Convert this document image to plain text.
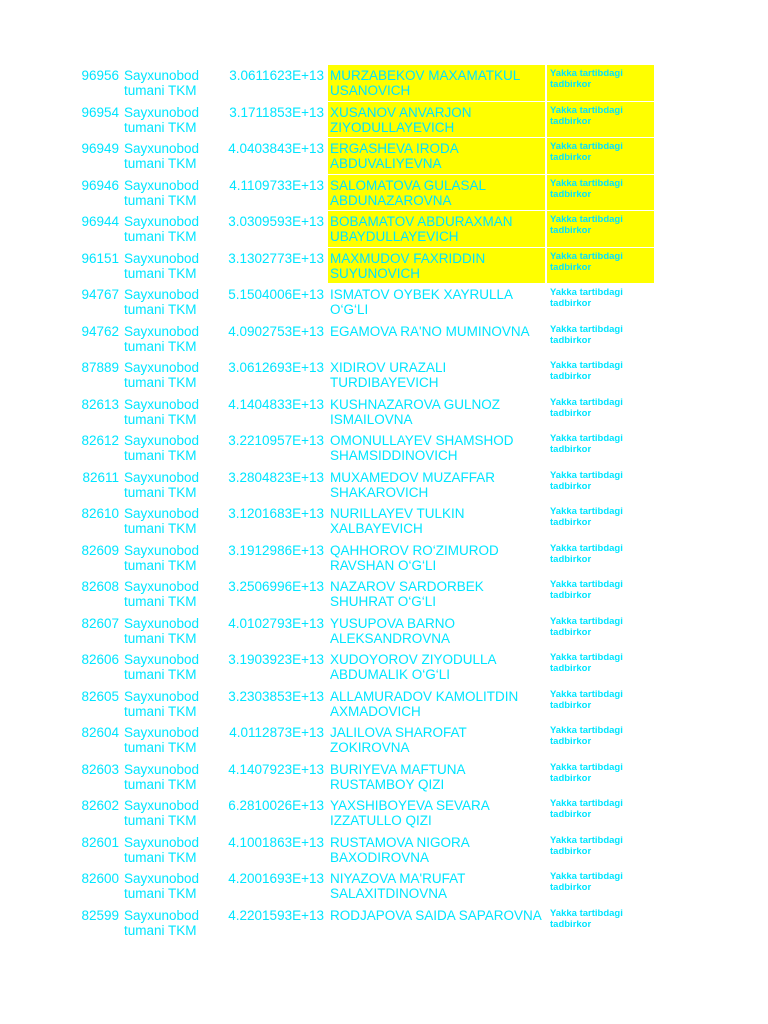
96956 Sayxunobod tumani TKM
3.0611623E+13 MURZABEKOV MAXAMATKUL USANOVICH
Yakka tartibdagi tadbirkor
96954 Sayxunobod tumani TKM
3.1711853E+13 XUSANOV ANVARJON ZIYODULLAYEVICH
Yakka tartibdagi tadbirkor
96949 Sayxunobod tumani TKM
4.0403843E+13 ERGASHEVA IRODA ABDUVALIYEVNA
Yakka tartibdagi tadbirkor
96946 Sayxunobod tumani TKM
4.1109733E+13 SALOMATOVA GULASAL ABDUNAZAROVNA
Yakka tartibdagi tadbirkor
96944 Sayxunobod tumani TKM
3.0309593E+13 BOBAMATOV ABDURAXMAN UBAYDULLAYEVICH
Yakka tartibdagi tadbirkor
96151 Sayxunobod tumani TKM
3.1302773E+13 MAXMUDOV FAXRIDDIN SUYUNOVICH
Yakka tartibdagi tadbirkor
94767 Sayxunobod tumani TKM
5.1504006E+13 ISMATOV OYBEK XAYRULLA O‘G‘LI
Yakka tartibdagi tadbirkor
94762 Sayxunobod tumani TKM
4.0902753E+13 EGAMOVA RA'NO MUMINOVNA	Yakka tartibdagi tadbirkor
87889 Sayxunobod tumani TKM
3.0612693E+13 XIDIROV URAZALI TURDIBAYEVICH
Yakka tartibdagi tadbirkor
82613 Sayxunobod tumani TKM
4.1404833E+13 KUSHNAZAROVA GULNOZ ISMAILOVNA
Yakka tartibdagi tadbirkor
82612 Sayxunobod tumani TKM
3.2210957E+13 OMONULLAYEV SHAMSHOD SHAMSIDDINOVICH
Yakka tartibdagi tadbirkor
82611 Sayxunobod tumani TKM
3.2804823E+13 MUXAMEDOV MUZAFFAR SHAKAROVICH
Yakka tartibdagi tadbirkor
82610 Sayxunobod tumani TKM
3.1201683E+13 NURILLAYEV TULKIN XALBAYEVICH
Yakka tartibdagi tadbirkor
82609 Sayxunobod tumani TKM
3.1912986E+13 QAHHOROV RO‘ZIMUROD RAVSHAN O‘G‘LI
Yakka tartibdagi tadbirkor
82608 Sayxunobod tumani TKM
3.2506996E+13 NAZAROV SARDORBEK SHUHRAT O‘G‘LI
Yakka tartibdagi tadbirkor
82607 Sayxunobod tumani TKM
4.0102793E+13 YUSUPOVA BARNO ALEKSANDROVNA
Yakka tartibdagi tadbirkor
82606 Sayxunobod tumani TKM
3.1903923E+13 XUDOYOROV ZIYODULLA ABDUMALIK O‘G‘LI
Yakka tartibdagi tadbirkor
82605 Sayxunobod tumani TKM
3.2303853E+13 ALLAMURADOV KAMOLITDIN AXMADOVICH
Yakka tartibdagi tadbirkor
82604 Sayxunobod tumani TKM
4.0112873E+13 JALILOVA SHAROFAT ZOKIROVNA
Yakka tartibdagi tadbirkor
82603 Sayxunobod tumani TKM
4.1407923E+13 BURIYEVA MAFTUNA RUSTAMBOY QIZI
Yakka tartibdagi tadbirkor
82602 Sayxunobod tumani TKM
6.2810026E+13 YAXSHIBOYEVA SEVARA IZZATULLO QIZI
Yakka tartibdagi tadbirkor
82601 Sayxunobod tumani TKM
4.1001863E+13 RUSTAMOVA NIGORA BAXODIROVNA
Yakka tartibdagi tadbirkor
82600 Sayxunobod tumani TKM
4.2001693E+13 NIYAZOVA MA'RUFAT SALAXITDINOVNA
Yakka tartibdagi tadbirkor
82599 Sayxunobod tumani TKM
4.2201593E+13 RODJAPOVA SAIDA SAPAROVNA Yakka tartibdagi tadbirkor
